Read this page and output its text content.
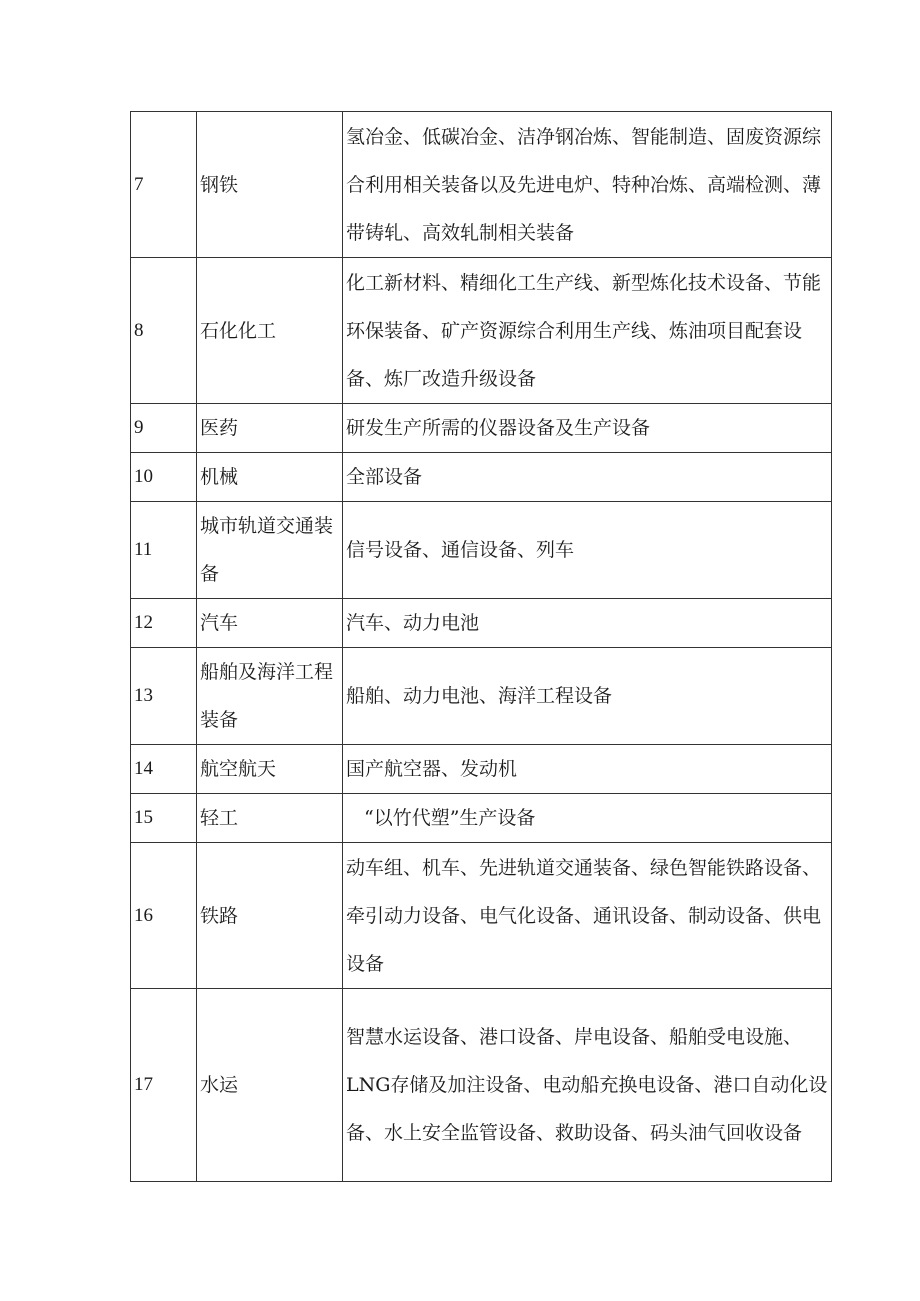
7	钢铁	氢冶金、低碳冶金、洁净钢冶炼、智能制造、固废资源综合利用相关装备以及先进电炉、特种冶炼、高端检测、薄带铸轧、高效轧制相关装备
8	石化化工	化工新材料、精细化工生产线、新型炼化技术设备、节能环保装备、矿产资源综合利用生产线、炼油项目配套设备、炼厂改造升级设备
9	医药	研发生产所需的仪器设备及生产设备
10	机械	全部设备
11	城市轨道交通装备	信号设备、通信设备、列车
12	汽车	汽车、动力电池
13	船舶及海洋工程装备	船舶、动力电池、海洋工程设备
14	航空航天	国产航空器、发动机
15	轻工	“以竹代塑”生产设备

16	铁路	动车组、机车、先进轨道交通装备、绿色智能铁路设备、牵引动力设备、电气化设备、通讯设备、制动设备、供电设备
17	水运	智慧水运设备、港口设备、岸电设备、船舶受电设施、LNG存储及加注设备、电动船充换电设备、港口自动化设备、水上安全监管设备、救助设备、码头油气回收设备
